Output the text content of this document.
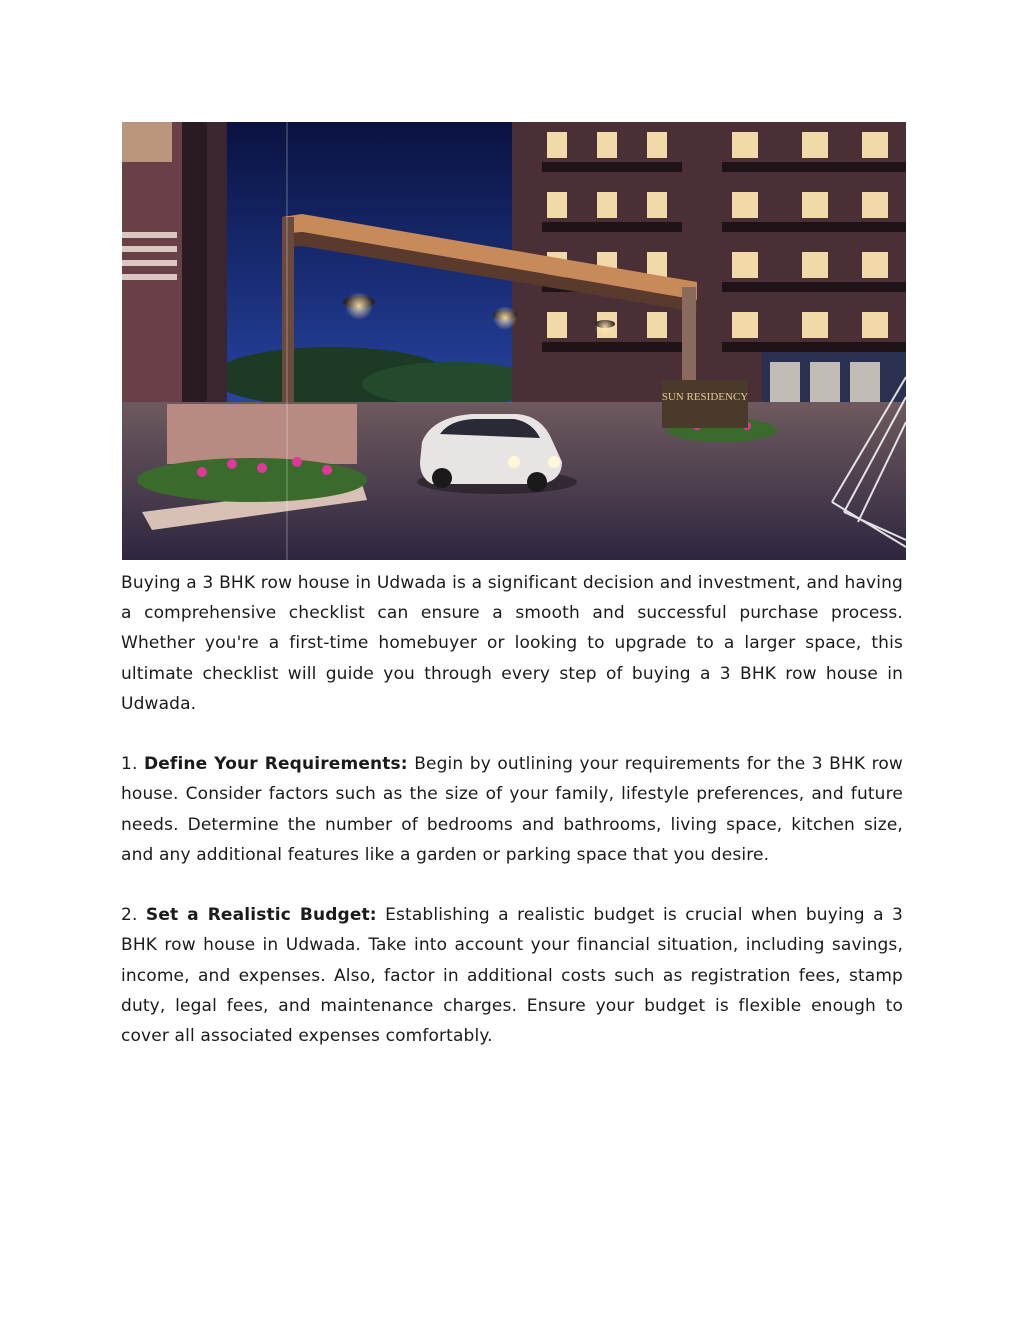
SUN RESIDENCY

Buying a 3 BHK row house in Udwada is a significant decision and investment, and having a comprehensive checklist can ensure a smooth and successful purchase process. Whether you're a first-time homebuyer or looking to upgrade to a larger space, this ultimate checklist will guide you through every step of buying a 3 BHK row house in Udwada.

1. Define Your Requirements: Begin by outlining your requirements for the 3 BHK row house. Consider factors such as the size of your family, lifestyle preferences, and future needs. Determine the number of bedrooms and bathrooms, living space, kitchen size, and any additional features like a garden or parking space that you desire.

2. Set a Realistic Budget: Establishing a realistic budget is crucial when buying a 3 BHK row house in Udwada. Take into account your financial situation, including savings, income, and expenses. Also, factor in additional costs such as registration fees, stamp duty, legal fees, and maintenance charges. Ensure your budget is flexible enough to cover all associated expenses comfortably.
